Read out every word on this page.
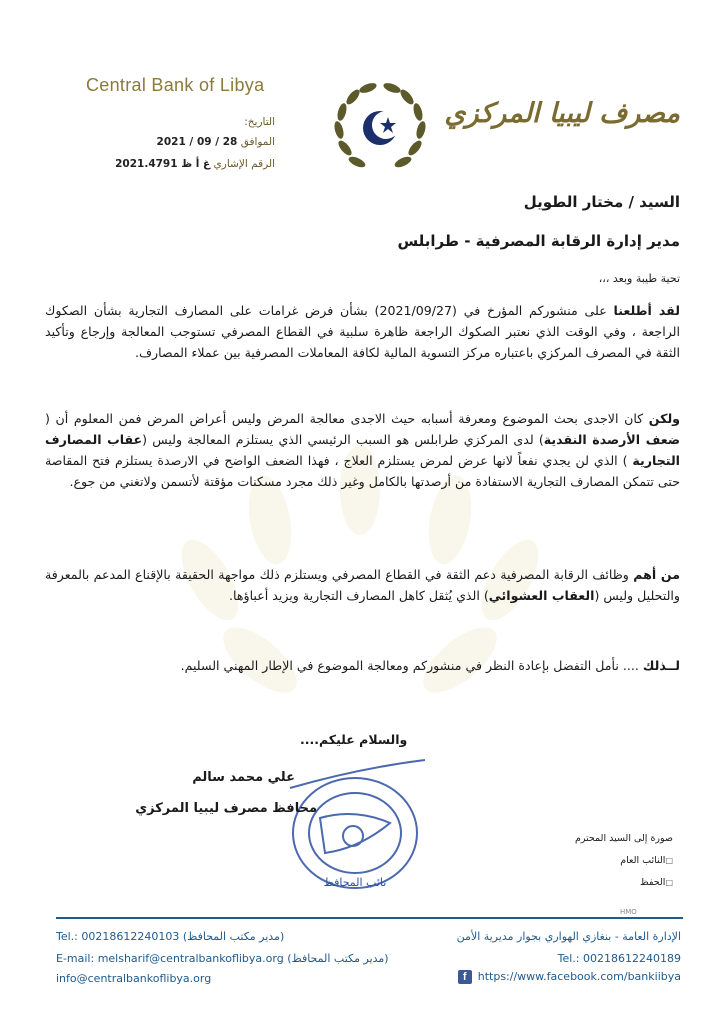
Central Bank of Libya
التاريخ:
الموافق 28 / 09 / 2021
الرقم الإشاري غ أ ظ 2021.4791
مصرف ليبيا المركزي
السيد / مختار الطويل
مدير إدارة الرقابة المصرفية - طرابلس
تحية طيبة وبعد ،،،
لقد أطلعنا على منشوركم المؤرخ في (2021/09/27) بشأن فرض غرامات على المصارف التجارية بشأن الصكوك الراجعة ، وفي الوقت الذي نعتبر الصكوك الراجعة ظاهرة سلبية في القطاع المصرفي تستوجب المعالجة وإرجاع وتأكيد الثقة في المصرف المركزي باعتباره مركز التسوية المالية لكافة المعاملات المصرفية بين عملاء المصارف.
ولكن كان الاجدى بحث الموضوع ومعرفة أسبابه حيث الاجدى معالجة المرض وليس أعراض المرض فمن المعلوم أن ( ضعف الأرصدة النقدية) لدى المركزي طرابلس هو السبب الرئيسي الذي يستلزم المعالجة وليس (عقاب المصارف التجارية ) الذي لن يجدي نفعاً لانها عرض لمرض يستلزم العلاج ، فهذا الضعف الواضح في الارصدة يستلزم فتح المقاصة حتى تتمكن المصارف التجارية الاستفادة من أرصدتها بالكامل وغير ذلك مجرد مسكنات مؤقتة لأتسمن ولاتغني من جوع.
من أهم وظائف الرقابة المصرفية دعم الثقة في القطاع المصرفي ويستلزم ذلك مواجهة الحقيقة بالإقناع المدعم بالمعرفة والتحليل وليس (العقاب العشوائي) الذي يُثقل كاهل المصارف التجارية ويزيد أعباؤها.
لــذلك .... نأمل التفضل بإعادة النظر في منشوركم ومعالجة الموضوع في الإطار المهني السليم.
والسلام عليكم....
نائب المحافظ
علي محمد سالم
محافظ مصرف ليبيا المركزي
صورة إلى السيد المحترم
□ النائب العام
□ الحفظ
HMO
Tel.: 00218612240103 (مدير مكتب المحافظ)	الإدارة العامة - بنغازي الهواري بجوار مديرية الأمن
E-mail: melsharif@centralbankoflibya.org (مدير مكتب المحافظ)	Tel.: 00218612240189
info@centralbankoflibya.org	f https://www.facebook.com/bankiibya
